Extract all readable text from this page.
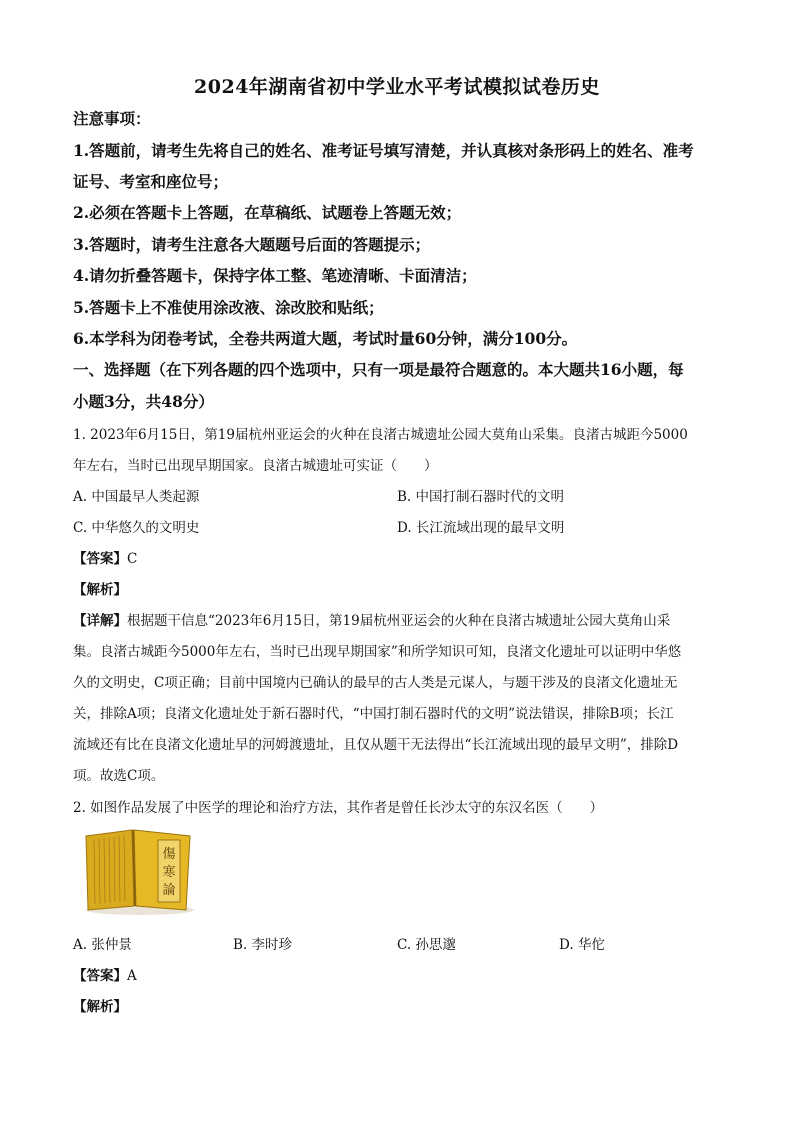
2024年湖南省初中学业水平考试模拟试卷历史
注意事项：
1.答题前，请考生先将自己的姓名、准考证号填写清楚，并认真核对条形码上的姓名、准考
证号、考室和座位号；
2.必须在答题卡上答题，在草稿纸、试题卷上答题无效；
3.答题时，请考生注意各大题题号后面的答题提示；
4.请勿折叠答题卡，保持字体工整、笔迹清晰、卡面清洁；
5.答题卡上不准使用涂改液、涂改胶和贴纸；
6.本学科为闭卷考试，全卷共两道大题，考试时量60分钟，满分100分。
一、选择题（在下列各题的四个选项中，只有一项是最符合题意的。本大题共16小题，每
小题3分，共48分）
1. 2023年6月15日，第19届杭州亚运会的火种在良渚古城遗址公园大莫角山采集。良渚古城距今5000
年左右，当时已出现早期国家。良渚古城遗址可实证（　　）
A. 中国最早人类起源	B. 中国打制石器时代的文明
C. 中华悠久的文明史	D. 长江流域出现的最早文明
【答案】C
【解析】
【详解】根据题干信息“2023年6月15日，第19届杭州亚运会的火种在良渚古城遗址公园大莫角山采
集。良渚古城距今5000年左右，当时已出现早期国家”和所学知识可知，良渚文化遗址可以证明中华悠
久的文明史，C项正确；目前中国境内已确认的最早的古人类是元谋人，与题干涉及的良渚文化遗址无
关，排除A项；良渚文化遗址处于新石器时代，“中国打制石器时代的文明”说法错误，排除B项；长江
流域还有比在良渚文化遗址早的河姆渡遗址，且仅从题干无法得出“长江流域出现的最早文明”，排除D
项。故选C项。
2. 如图作品发展了中医学的理论和治疗方法，其作者是曾任长沙太守的东汉名医（　　）
傷
寒
論
A. 张仲景	B. 李时珍	C. 孙思邈	D. 华佗
【答案】A
【解析】
